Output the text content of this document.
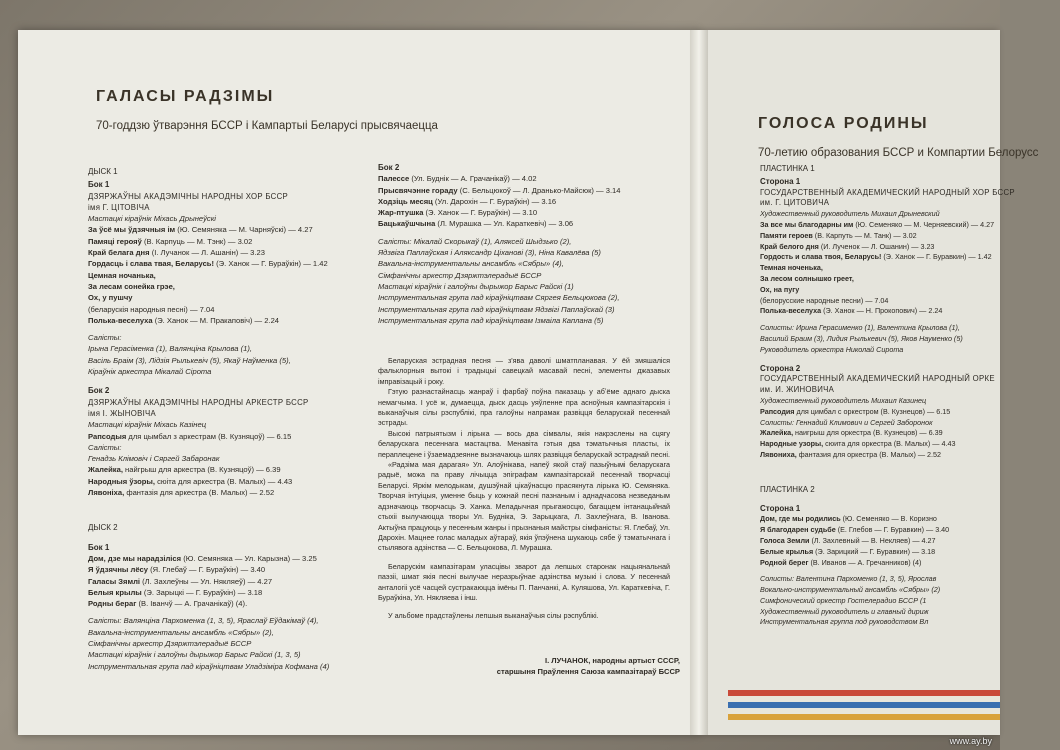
ГАЛАСЫ РАДЗІМЫ
70-годдзю ўтварэння БССР і Кампартыі Беларусі прысвячаецца
ДЫСК 1
Бок 1
ДЗЯРЖАЎНЫ АКАДЭМІЧНЫ НАРОДНЫ ХОР БССР
імя Г. ЦІТОВІЧА
Мастацкі кіраўнік Міхась Дрынеўскі
За ўсё мы ўдзячныя ім (Ю. Семяняка — М. Чарняўскі) — 4.27
Памяці герояў (В. Карпуць — М. Тэнк) — 3.02
Край белага дня (І. Лучанок — Л. Ашанін) — 3.23
Гордасць і слава твая, Беларусь! (Э. Ханок — Г. Бураўкін) — 1.42
Цемная ночанька,
За лесам сонейка грэе,
Ох, у пушчу
(беларускія народныя песні) — 7.04
Полька-веселуха (Э. Ханок — М. Пракаповіч) — 2.24
Салісты:
Ірына Герасіменка (1), Валянціна Крылова (1),
Васіль Браім (3), Лідзія Рылькевіч (5), Якаў Наўменка (5),
Кіраўнік аркестра Мікалай Сірота
Бок 2
ДЗЯРЖАЎНЫ АКАДЭМІЧНЫ НАРОДНЫ АРКЕСТР БССР
імя І. ЖЫНОВІЧА
Мастацкі кіраўнік Міхась Казінец
Рапсодыя для цымбал з аркестрам (В. Кузняцоў) — 6.15
Салісты:
Генадзь Клімовіч і Сяргей Забаронак
Жалейка, найгрыш для аркестра (В. Кузняцоў) — 6.39
Народныя ўзоры, сюіта для аркестра (В. Малых) — 4.43
Лявоніха, фантазія для аркестра (В. Малых) — 2.52
ДЫСК 2
Бок 1
Дом, дзе мы нарадзіліся (Ю. Семяняка — Ул. Карызна) — 3.25
Я ўдзячны лёсу (Я. Глебаў — Г. Бураўкін) — 3.40
Галасы Зямлі (Л. Захлеўны — Ул. Някляеў) — 4.27
Белыя крылы (Э. Зарыцкі — Г. Бураўкін) — 3.18
Родны бераг (В. Іванчў — А. Грачанікаў) (4).
Салісты: Валянціна Пархоменка (1, 3, 5), Яраслаў Еўдакімаў (4),
Вакальна-інструментальны ансамбль «Сябры» (2),
Сімфанічны аркестр Дзяржтэлерадыё БССР
Мастацкі кіраўнік і галоўны дырыжор Барыс Райскі (1, 3, 5)
Інструментальная група пад кіраўніцтвам Уладзіміра Кофмана (4)
Бок 2
Палессе (Ул. Буднік — А. Грачанікаў) — 4.02
Прысвячэнне гораду (С. Бельцюкоў — Л. Дранько-Майсюк) — 3.14
Ходзіць месяц (Ул. Дарохін — Г. Бураўкін) — 3.16
Жар-птушка (Э. Ханок — Г. Бураўкін) — 3.10
Бацькаўшчына (Л. Мурашка — Ул. Караткевіч) — 3.06
Салісты: Мікалай Скорыкаў (1), Аляксей Шыдзько (2),
Ядзвіга Паплаўская і Аляксандр Ціханові (3), Ніна Кавалёва (5)
Вакальна-інструментальны ансамбль «Сябры» (4),
Сімфанічны аркестр Дзяржтэлерадыё БССР
Мастацкі кіраўнік і галоўны дырыжор Барыс Райскі (1)
Інструментальная група пад кіраўніцтвам Сяргея Бельцюкова (2),
Інструментальная група пад кіраўніцтвам Ядзвігі Паплаўскай (3)
Інструментальная група пад кіраўніцтвам Ізмаіла Каплана (5)

Беларуская эстрадная песня — з'ява даволі шматпланавая. У ёй змяшаліся фальклорныя вытокі і традыцыі савецкай масавай песні, элементы джазавых імправізацый і року.

Гэтую разнастайнасць жанраў і фарбаў поўна паказаць у абʼёме аднаго дыска немагчыма. І усё ж, думаецца, дыск дасць уяўленне пра асноўныя кампазітарскія і выканаўчыя сілы рэспублікі, пра галоўны напрамак развіцця беларускай песеннай эстрады.

Высокі патрыятызм і лірыка — вось два сімвалы, якія накрэслены на сцягу беларускага песеннага мастацтва. Менавіта гэтыя два тэматычныя пласты, іх пераплецене і ўзаемадзеянне вызначаюць шлях развіцця беларускай эстраднай песні.

«Радзіма мая дарагая» Ул. Алоўнікава, напеў якой стаў пазыўнымі беларускага радыё, можа па праву лічыцца эпіграфам кампазітарскай песеннай творчасці Беларусі. Яркім мелодыкам, душэўнай цікаўнасцю прасякнута лірыка Ю. Семяняка. Творчая інтуіцыя, уменне быць у кожнай песні пазнаным і аднадчасова незведаным адзначаюць творчасць Э. Ханка. Меладычная прыгажосцю, багаццем інтанацыйнай стыхіі вылучаюцца творы Ул. Будніка, Э. Зарыцкага, Л. Захлеўнага, В. Іванова. Актыўна працуюць у песенным жанры і прызнаныя майстры сімфаністы: Я. Глебаў, Ул. Дарохін. Мацнее голас маладых аўтараў, якія ўпэўнена шукаюць сябе ў тэматычнага і стылявога адзінства — С. Бельцюкова, Л. Мурашка.

Беларускім кампазітарам улаcцівы зварот да лепшых старонак нацыянальнай паэзіі, шмат якія песні вылучае неразрыўнае адзінства музыкі і слова. У песеннай анталогіі усё часцей сустракаюцца імёны П. Панчанкі, А. Куляшова, Ул. Караткевіча, Г. Бураўкіна, Ул. Някляева і інш.

У альбоме прадстаўлены лепшыя выканаўчыя сілы рэспублікі.

І. ЛУЧАНОК, народны артыст СССР,
старшыня Праўлення Саюза кампазітараў БССР
ГОЛОСА РОДИНЫ
70-летию образования БССР и Компартии Белорусс
ПЛАСТИНКА 1
Сторона 1
ГОСУДАРСТВЕННЫЙ АКАДЕМИЧЕСКИЙ НАРОДНЫЙ ХОР БССР
им. Г. ЦИТОВИЧА
Художественный руководитель Михаил Дрыневский
За все мы благодарны им (Ю. Семеняко — М. Черняевский) — 4.27
Памяти героев (В. Карпуть — М. Танк) — 3.02
Край белого дня (И. Лученок — Л. Ошанин) — 3.23
Гордость и слава твоя, Беларусь! (Э. Ханок — Г. Буравкин) — 1.42
Темная ноченька,
За лесом солнышко греет,
Ох, на пугу
(белорусские народные песни) — 7.04
Полька-веселуха (Э. Ханок — Н. Прокопович) — 2.24
Солисты: Ирина Герасименко (1), Валентина Крылова (1),
Василий Браим (3), Лидия Рылькевич (5), Яков Науменко (5)
Руководитель оркестра Николай Сирота
Сторона 2
ГОСУДАРСТВЕННЫЙ АКАДЕМИЧЕСКИЙ НАРОДНЫЙ ОРКЕ
им. И. ЖИНОВИЧА
Художественный руководитель Михаил Казинец
Рапсодия для цимбал с оркестром (В. Кузнецов) — 6.15
Солисты: Геннадий Климович и Сергей Заборонок
Жалейка, наигрыш для оркестра (В. Кузнецов) — 6.39
Народные узоры, сюита для оркестра (В. Малых) — 4.43
Лявониха, фантазия для оркестра (В. Малых) — 2.52
ПЛАСТИНКА 2
Сторона 1
Дом, где мы родились (Ю. Семеняко — В. Коризно
Я благодарен судьбе (Е. Глебов — Г. Буравкин) — 3.40
Голоса Земли (Л. Захлевный — В. Некляев) — 4.27
Белые крылья (Э. Зарицкий — Г. Буравкин) — 3.18
Родной берег (В. Иванов — А. Гречанников) (4)
Солисты: Валентина Пархоменко (1, 3, 5), Ярослав
Вокально-инструментальный ансамбль «Сябры» (2)
Симфонический оркестр Гостелерадио БССР (1
Художественный руководитель и главный дириж
Инструментальная группа под руководством Вл
www.ay.by
